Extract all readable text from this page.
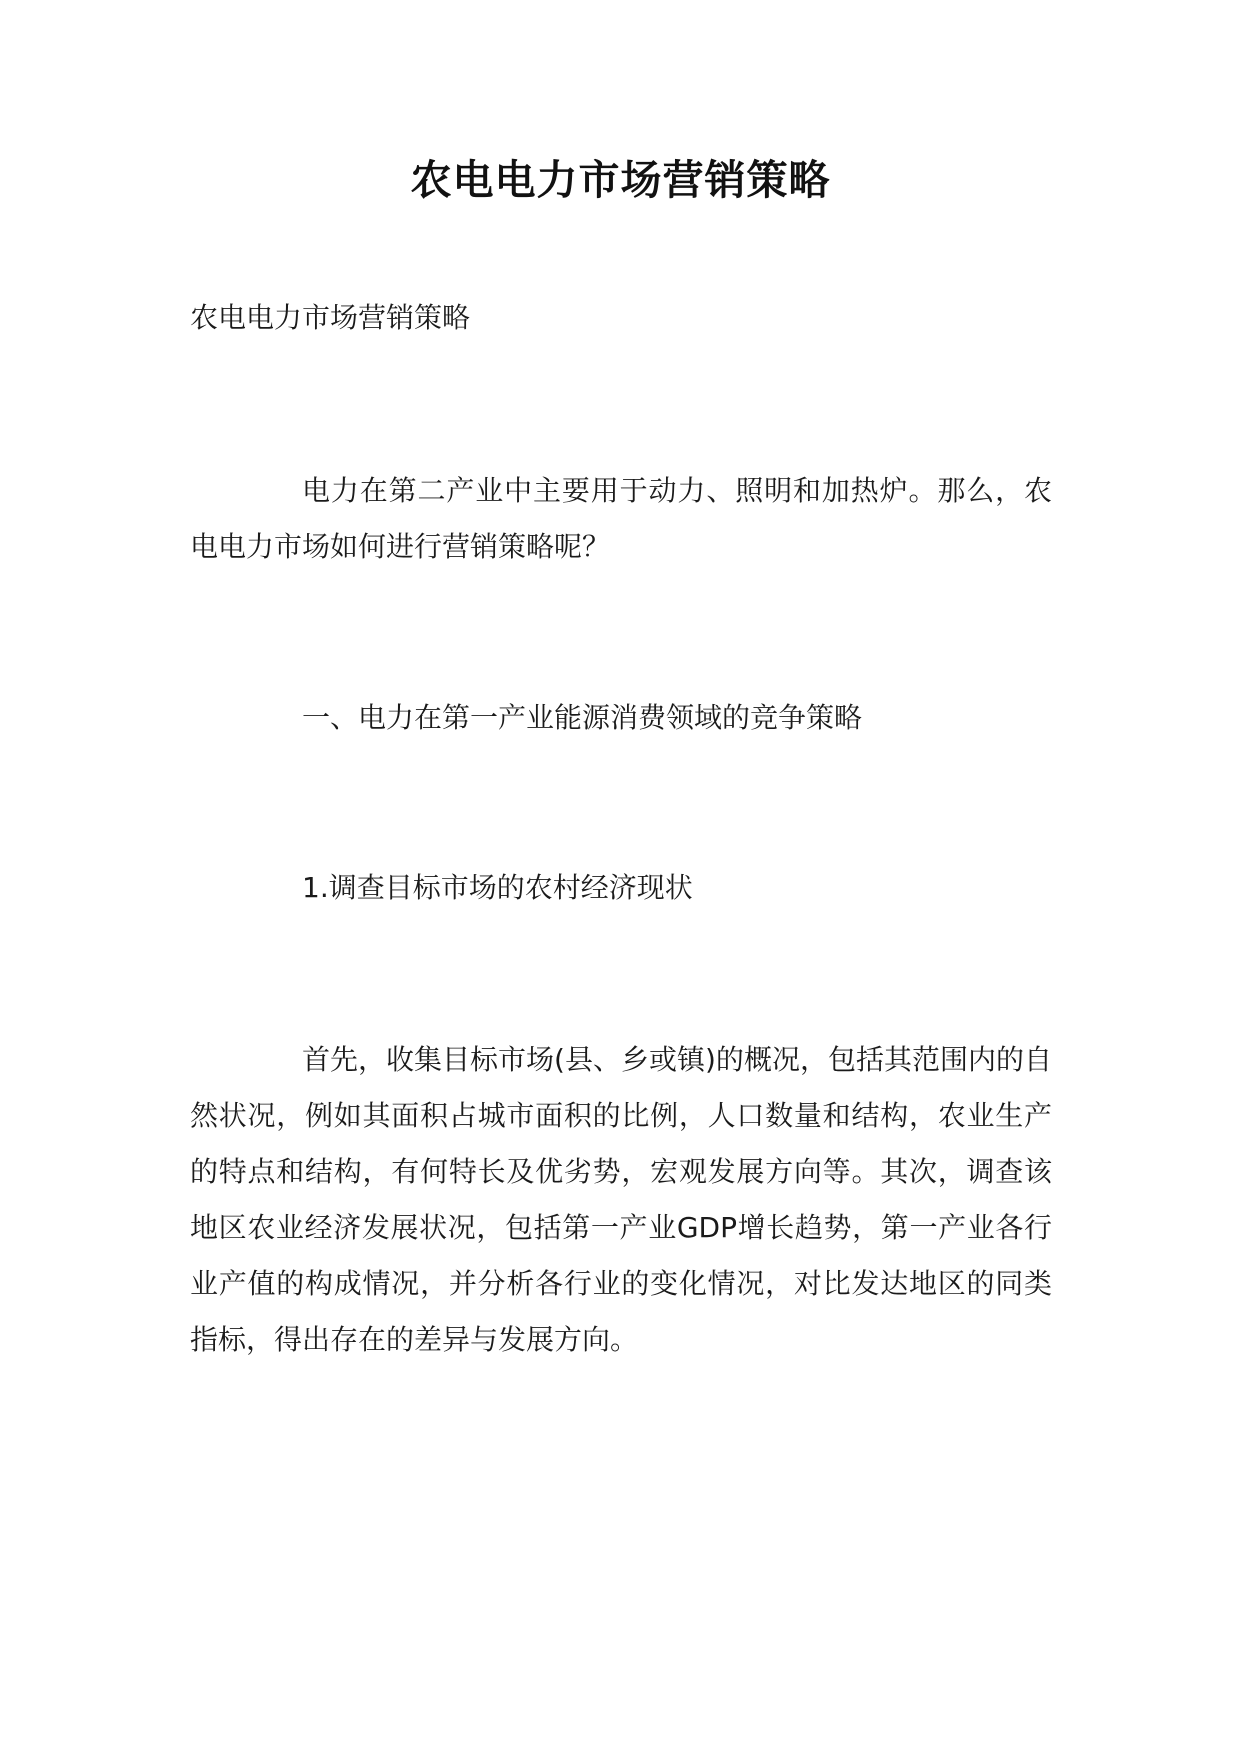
农电电力市场营销策略

农电电力市场营销策略

电力在第二产业中主要用于动力、照明和加热炉。那么，农电电力市场如何进行营销策略呢？

一、电力在第一产业能源消费领域的竞争策略

1.调查目标市场的农村经济现状

首先，收集目标市场(县、乡或镇)的概况，包括其范围内的自然状况，例如其面积占城市面积的比例，人口数量和结构，农业生产的特点和结构，有何特长及优劣势，宏观发展方向等。其次，调查该地区农业经济发展状况，包括第一产业GDP增长趋势，第一产业各行业产值的构成情况，并分析各行业的变化情况，对比发达地区的同类指标，得出存在的差异与发展方向。
